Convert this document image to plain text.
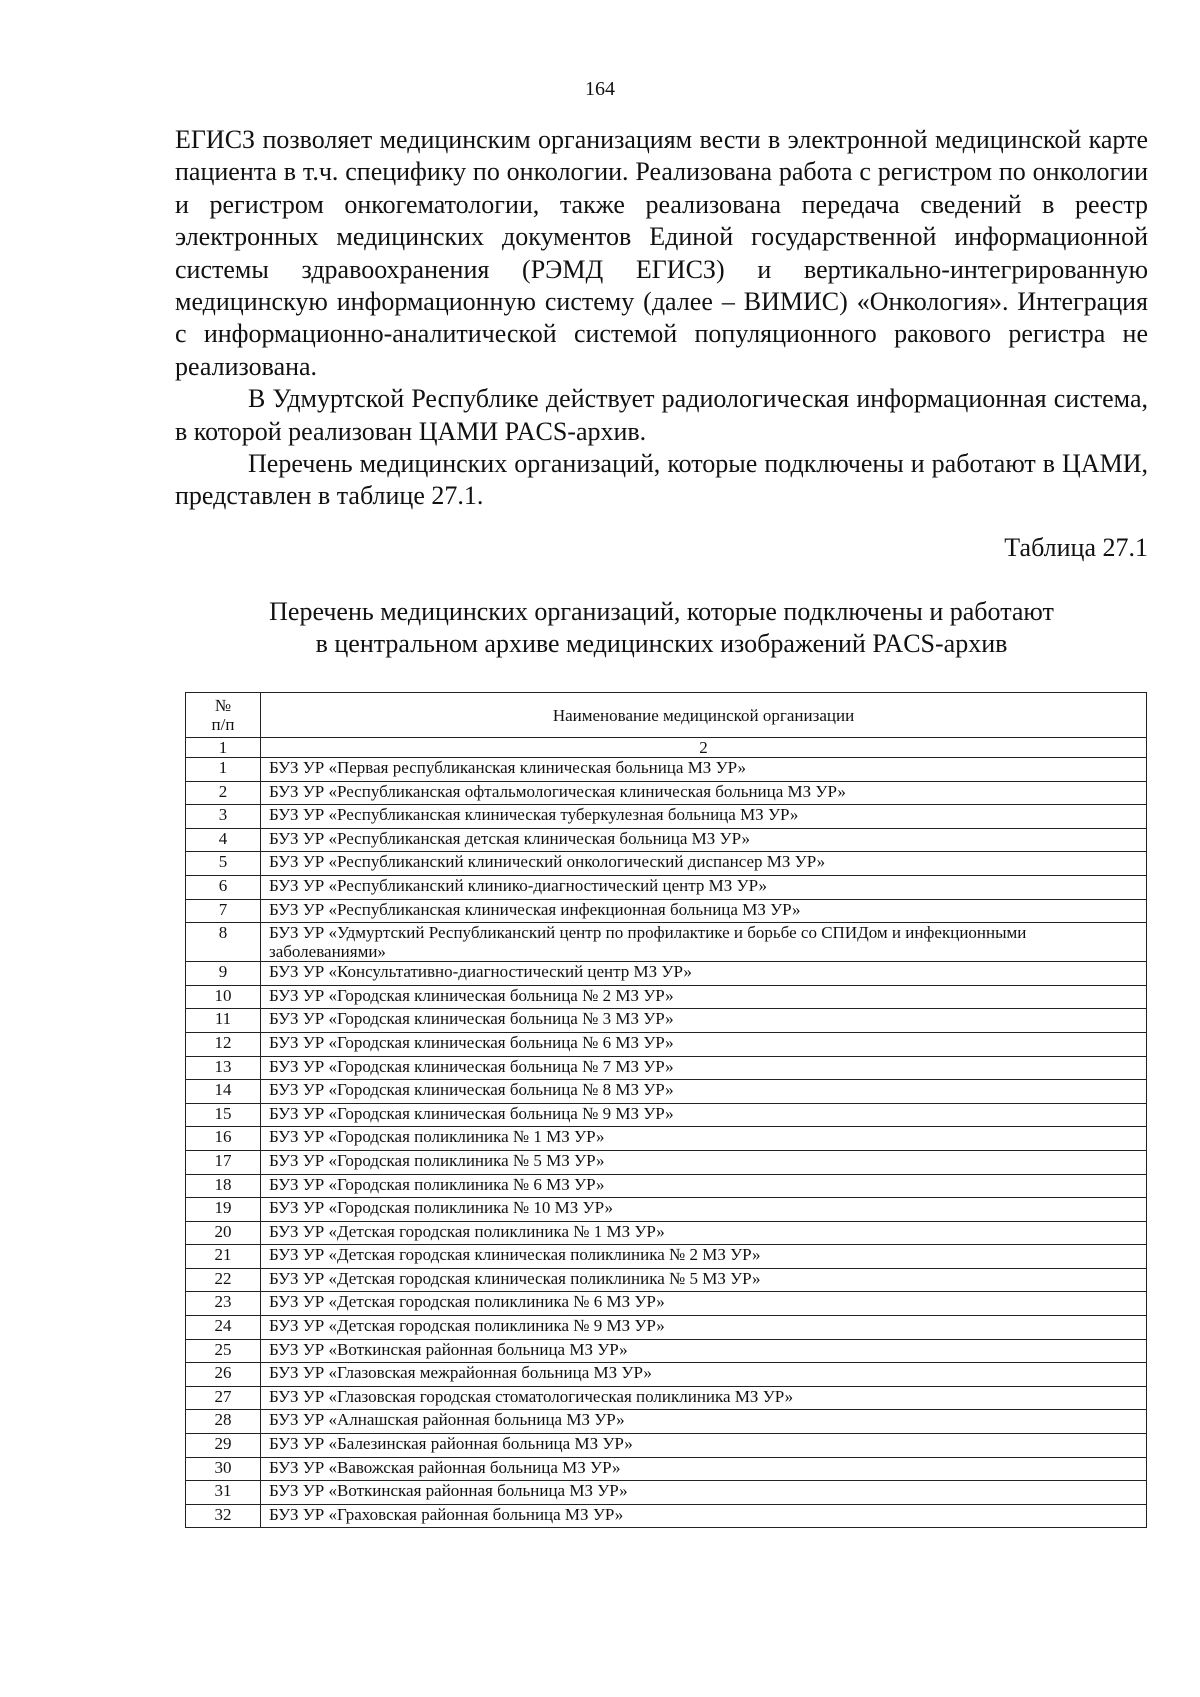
164

ЕГИСЗ позволяет медицинским организациям вести в электронной медицинской карте пациента в т.ч. специфику по онкологии. Реализована работа с регистром по онкологии и регистром онкогематологии, также реализована передача сведений в реестр электронных медицинских документов Единой государственной информационной системы здравоохранения (РЭМД ЕГИСЗ) и вертикально-интегрированную медицинскую информационную систему (далее – ВИМИС) «Онкология». Интеграция с информационно-аналитической системой популяционного ракового регистра не реализована.

В Удмуртской Республике действует радиологическая информационная система, в которой реализован ЦАМИ PACS-архив.

Перечень медицинских организаций, которые подключены и работают в ЦАМИ, представлен в таблице 27.1.

Таблица 27.1
Перечень медицинских организаций, которые подключены и работают
в центральном архиве медицинских изображений PACS-архив
№
п/п	Наименование медицинской организации
1	2
1	БУЗ УР «Первая республиканская клиническая больница МЗ УР»
2	БУЗ УР «Республиканская офтальмологическая клиническая больница МЗ УР»
3	БУЗ УР «Республиканская клиническая туберкулезная больница МЗ УР»
4	БУЗ УР «Республиканская детская клиническая больница МЗ УР»
5	БУЗ УР «Республиканский клинический онкологический диспансер МЗ УР»
6	БУЗ УР «Республиканский клинико-диагностический центр МЗ УР»
7	БУЗ УР «Республиканская клиническая инфекционная больница МЗ УР»
8	БУЗ УР «Удмуртский Республиканский центр по профилактике и борьбе со СПИДом и инфекционными заболеваниями»
9	БУЗ УР «Консультативно-диагностический центр МЗ УР»
10	БУЗ УР «Городская клиническая больница № 2 МЗ УР»
11	БУЗ УР «Городская клиническая больница № 3 МЗ УР»
12	БУЗ УР «Городская клиническая больница № 6 МЗ УР»
13	БУЗ УР «Городская клиническая больница № 7 МЗ УР»
14	БУЗ УР «Городская клиническая больница № 8 МЗ УР»
15	БУЗ УР «Городская клиническая больница № 9 МЗ УР»
16	БУЗ УР «Городская поликлиника № 1 МЗ УР»
17	БУЗ УР «Городская поликлиника № 5 МЗ УР»
18	БУЗ УР «Городская поликлиника № 6 МЗ УР»
19	БУЗ УР «Городская поликлиника № 10 МЗ УР»
20	БУЗ УР «Детская городская поликлиника № 1 МЗ УР»
21	БУЗ УР «Детская городская клиническая поликлиника № 2 МЗ УР»
22	БУЗ УР «Детская городская клиническая поликлиника № 5 МЗ УР»
23	БУЗ УР «Детская городская поликлиника № 6 МЗ УР»
24	БУЗ УР «Детская городская поликлиника № 9 МЗ УР»
25	БУЗ УР «Воткинская районная больница МЗ УР»
26	БУЗ УР «Глазовская межрайонная больница МЗ УР»
27	БУЗ УР «Глазовская городская стоматологическая поликлиника МЗ УР»
28	БУЗ УР «Алнашская районная больница МЗ УР»
29	БУЗ УР «Балезинская районная больница МЗ УР»
30	БУЗ УР «Вавожская районная больница МЗ УР»
31	БУЗ УР «Воткинская районная больница МЗ УР»
32	БУЗ УР «Граховская районная больница МЗ УР»
